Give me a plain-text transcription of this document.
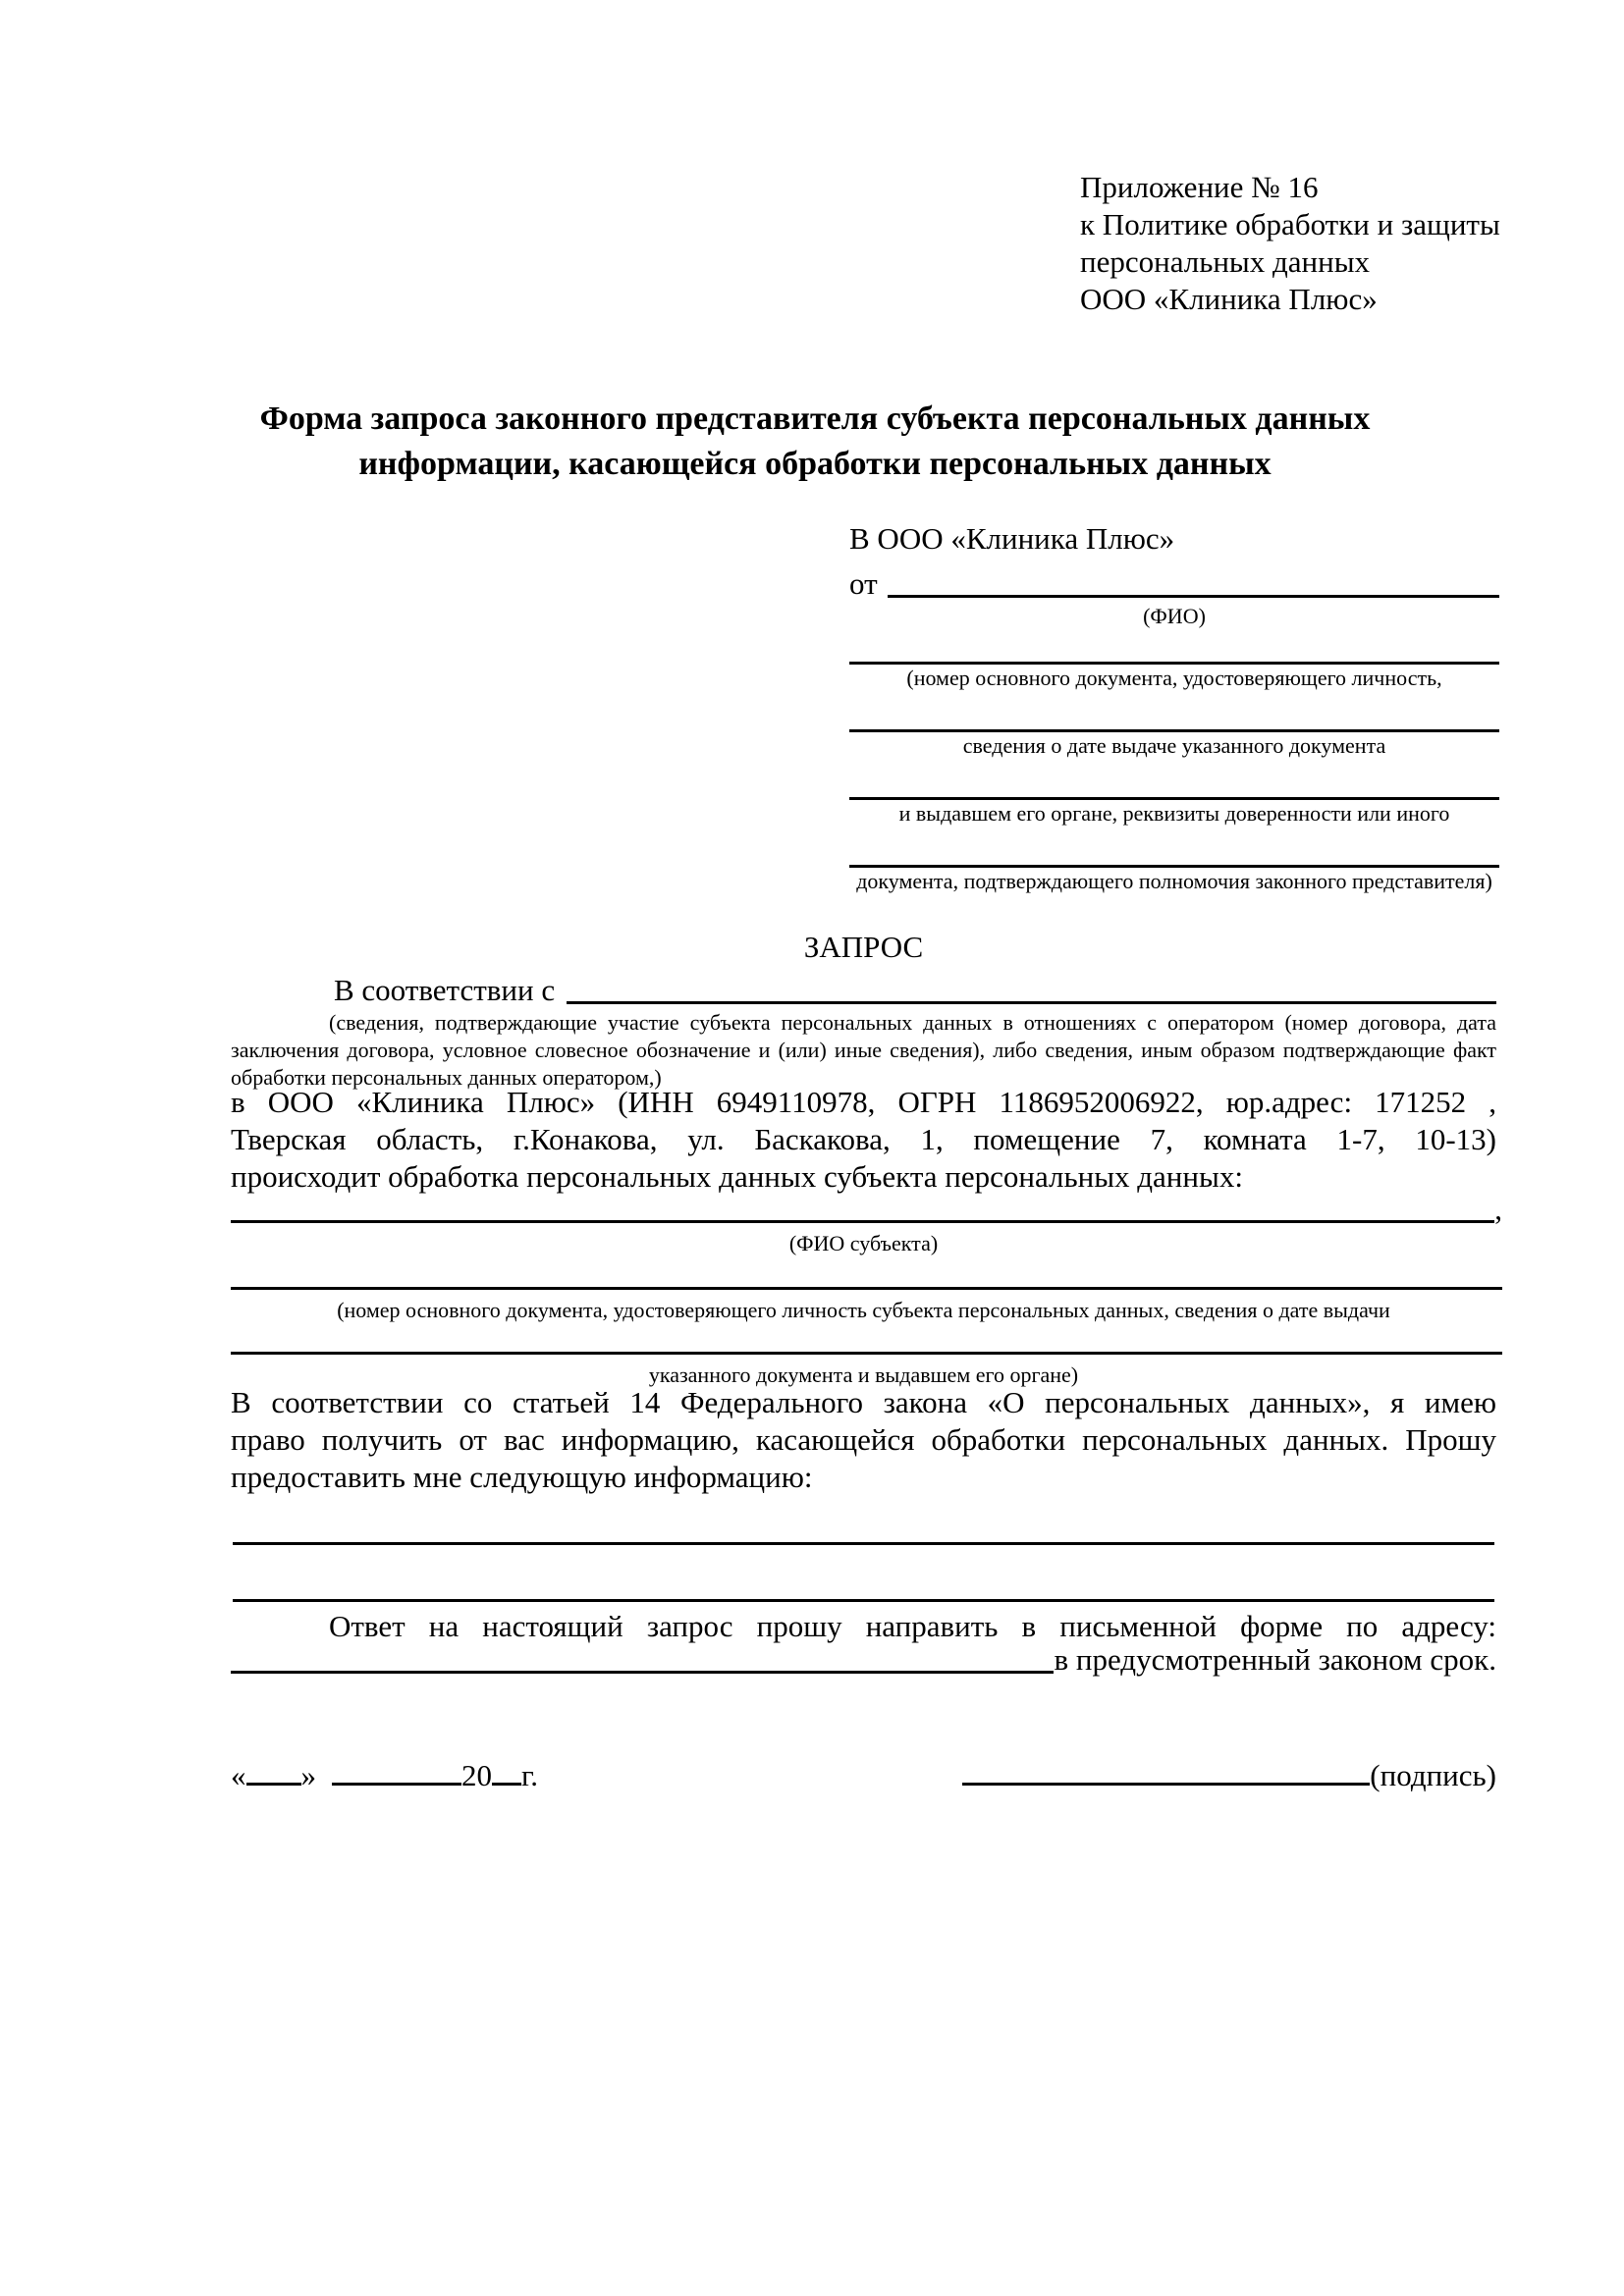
Приложение № 16
к Политике обработки и защиты
персональных данных
ООО «Клиника Плюс»
Форма запроса законного представителя субъекта персональных данных
информации, касающейся обработки персональных данных
В ООО «Клиника Плюс»
от
(ФИО)
(номер основного документа, удостоверяющего личность,
сведения о дате выдаче указанного документа
и выдавшем его органе, реквизиты доверенности или иного
документа, подтверждающего полномочия законного представителя)
ЗАПРОС
В соответствии с
(сведения, подтверждающие участие субъекта персональных данных в отношениях с оператором (номер договора, дата
заключения договора, условное словесное обозначение и (или) иные сведения), либо сведения, иным образом подтверждающие факт
обработки персональных данных оператором,)
в ООО «Клиника Плюс» (ИНН 6949110978, ОГРН 1186952006922, юр.адрес: 171252 ,
Тверская область, г.Конакова, ул. Баскакова, 1, помещение 7, комната 1-7, 10-13)
происходит обработка персональных данных субъекта персональных данных:
,
(ФИО субъекта)
(номер основного документа, удостоверяющего личность субъекта персональных данных, сведения о дате выдачи
указанного документа и выдавшем его органе)
В соответствии со статьей 14 Федерального закона «О персональных данных», я имею
право получить от вас информацию, касающейся обработки персональных данных. Прошу
предоставить мне следующую информацию:
Ответ на настоящий запрос прошу направить в письменной форме по адресу:
в предусмотренный законом срок.
« »	20 г.	(подпись)
